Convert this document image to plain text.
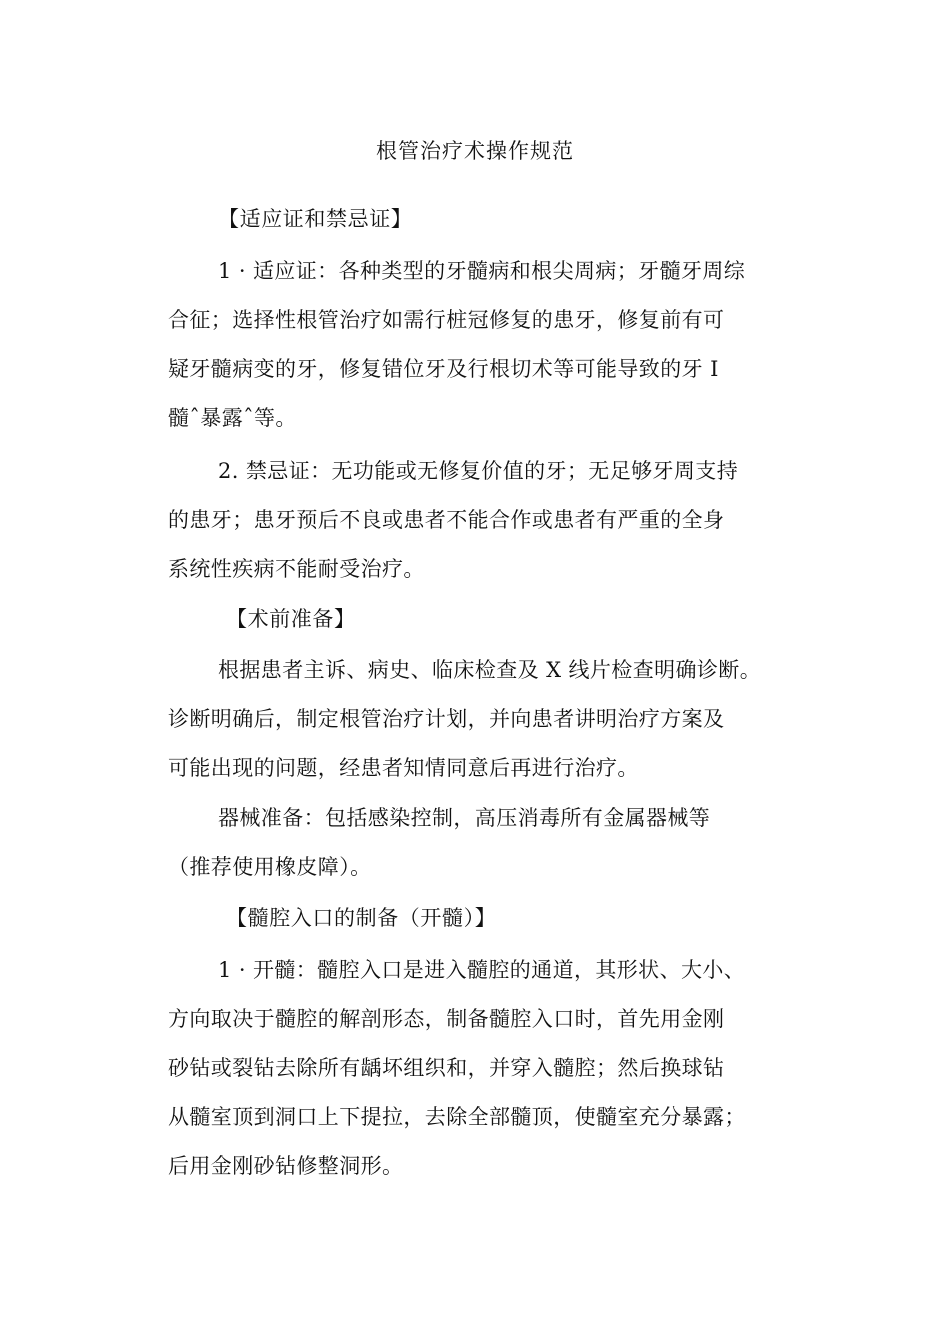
根管治疗术操作规范
【适应证和禁忌证】
1 · 适应证：各种类型的牙髓病和根尖周病；牙髓牙周综
合征；选择性根管治疗如需行桩冠修复的患牙，修复前有可
疑牙髓病变的牙，修复错位牙及行根切术等可能导致的牙 I
髓ˆ暴露ˆ等。
2. 禁忌证：无功能或无修复价值的牙；无足够牙周支持
的患牙；患牙预后不良或患者不能合作或患者有严重的全身
系统性疾病不能耐受治疗。
【术前准备】
根据患者主诉、病史、临床检查及 X 线片检查明确诊断。
诊断明确后，制定根管治疗计划，并向患者讲明治疗方案及
可能出现的问题，经患者知情同意后再进行治疗。
器械准备：包括感染控制，高压消毒所有金属器械等
（推荐使用橡皮障）。
【髓腔入口的制备（开髓）】
1 · 开髓：髓腔入口是进入髓腔的通道，其形状、大小、
方向取决于髓腔的解剖形态，制备髓腔入口时，首先用金刚
砂钻或裂钻去除所有龋坏组织和，并穿入髓腔；然后换球钻
从髓室顶到洞口上下提拉，去除全部髓顶，使髓室充分暴露；
后用金刚砂钻修整洞形。
